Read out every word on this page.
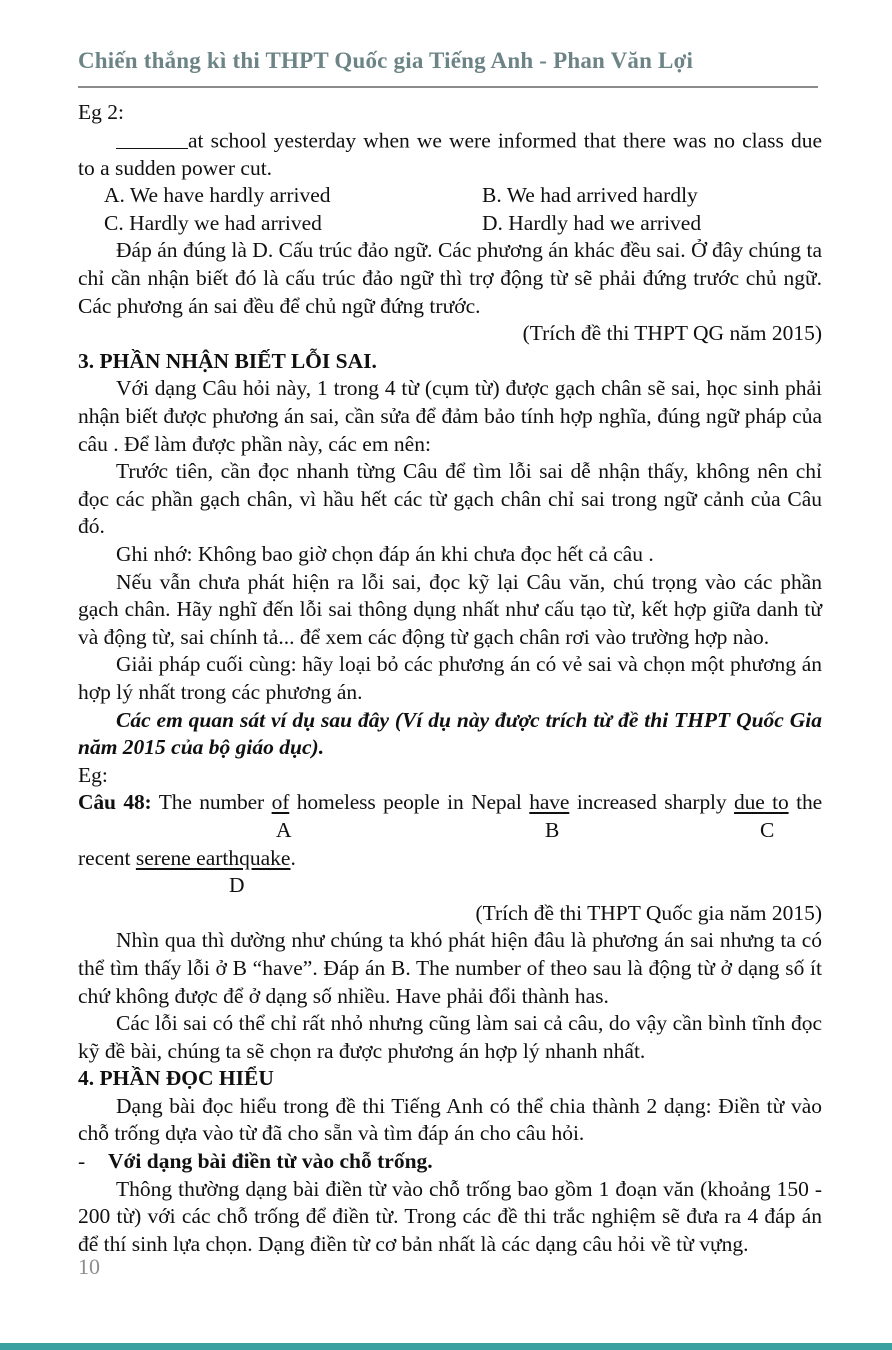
Chiến thắng kì thi THPT Quốc gia Tiếng Anh - Phan Văn Lợi

Eg 2:

at school yesterday when we were informed that there was no class due to a sudden power cut.

A. We have hardly arrived	B. We had arrived hardly
C. Hardly we had arrived	D. Hardly had we arrived

Đáp án đúng là D. Cấu trúc đảo ngữ. Các phương án khác đều sai. Ở đây chúng ta chỉ cần nhận biết đó là cấu trúc đảo ngữ thì trợ động từ sẽ phải đứng trước chủ ngữ. Các phương án sai đều để chủ ngữ đứng trước.

(Trích đề thi THPT QG năm 2015)

3. PHẦN NHẬN BIẾT LỖI SAI.

Với dạng Câu hỏi này, 1 trong 4 từ (cụm từ) được gạch chân sẽ sai, học sinh phải nhận biết được phương án sai, cần sửa để đảm bảo tính hợp nghĩa, đúng ngữ pháp của câu . Để làm được phần này, các em nên:

Trước tiên, cần đọc nhanh từng Câu để tìm lỗi sai dễ nhận thấy, không nên chỉ đọc các phần gạch chân, vì hầu hết các từ gạch chân chỉ sai trong ngữ cảnh của Câu đó.

Ghi nhớ: Không bao giờ chọn đáp án khi chưa đọc hết cả câu .

Nếu vẫn chưa phát hiện ra lỗi sai, đọc kỹ lại Câu văn, chú trọng vào các phần gạch chân. Hãy nghĩ đến lỗi sai thông dụng nhất như cấu tạo từ, kết hợp giữa danh từ và động từ, sai chính tả... để xem các động từ gạch chân rơi vào trường hợp nào.

Giải pháp cuối cùng: hãy loại bỏ các phương án có vẻ sai và chọn một phương án hợp lý nhất trong các phương án.

Các em quan sát ví dụ sau đây (Ví dụ này được trích từ đề thi THPT Quốc Gia năm 2015 của bộ giáo dục).

Eg:

Câu 48: The number of homeless people in Nepal have increased sharply due to the

A	B	C

recent serene earthquake.

D

(Trích đề thi THPT Quốc gia năm 2015)

Nhìn qua thì dường như chúng ta khó phát hiện đâu là phương án sai nhưng ta có thể tìm thấy lỗi ở B “have”. Đáp án B. The number of theo sau là động từ ở dạng số ít chứ không được để ở dạng số nhiều. Have phải đổi thành has.

Các lỗi sai có thể chỉ rất nhỏ nhưng cũng làm sai cả câu, do vậy cần bình tĩnh đọc kỹ đề bài, chúng ta sẽ chọn ra được phương án hợp lý nhanh nhất.

4. PHẦN ĐỌC HIỂU

Dạng bài đọc hiểu trong đề thi Tiếng Anh có thể chia thành 2 dạng: Điền từ vào chỗ trống dựa vào từ đã cho sẵn và tìm đáp án cho câu hỏi.

- Với dạng bài điền từ vào chỗ trống.

Thông thường dạng bài điền từ vào chỗ trống bao gồm 1 đoạn văn (khoảng 150 - 200 từ) với các chỗ trống để điền từ. Trong các đề thi trắc nghiệm sẽ đưa ra 4 đáp án để thí sinh lựa chọn. Dạng điền từ cơ bản nhất là các dạng câu hỏi về từ vựng.

10
